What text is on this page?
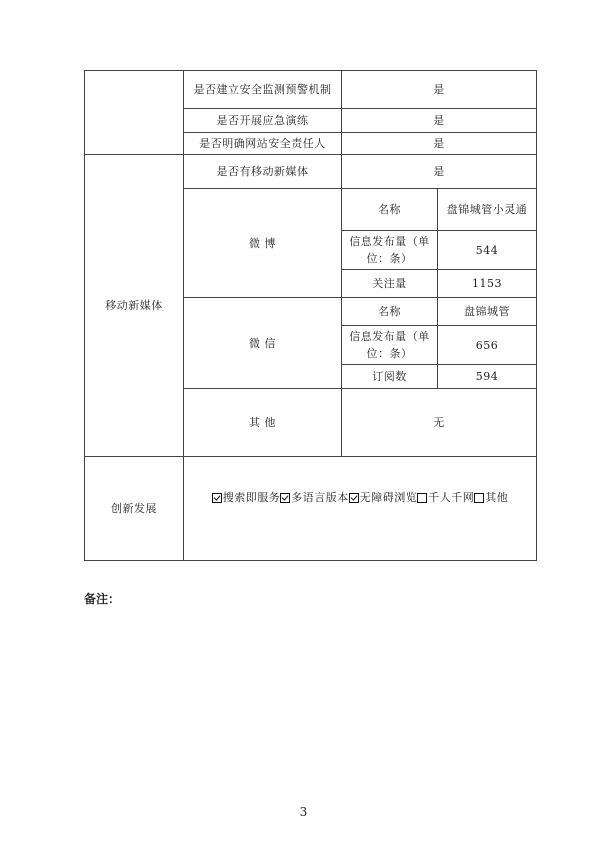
	是否建立安全监测预警机制	是	
	是否开展应急演练	是	
	是否明确网站安全责任人	是	
移动新媒体	是否有移动新媒体	是	
	微 博	名称	盘锦城管小灵通
		信息发布量（单位：条）	544
		关注量	1153
	微 信	名称	盘锦城管
		信息发布量（单位：条）	656
		订阅数	594
	其 他	无	
创新发展	搜索即服务 多语言版本 无障碍浏览 千人千网 其他		
备注：
3
